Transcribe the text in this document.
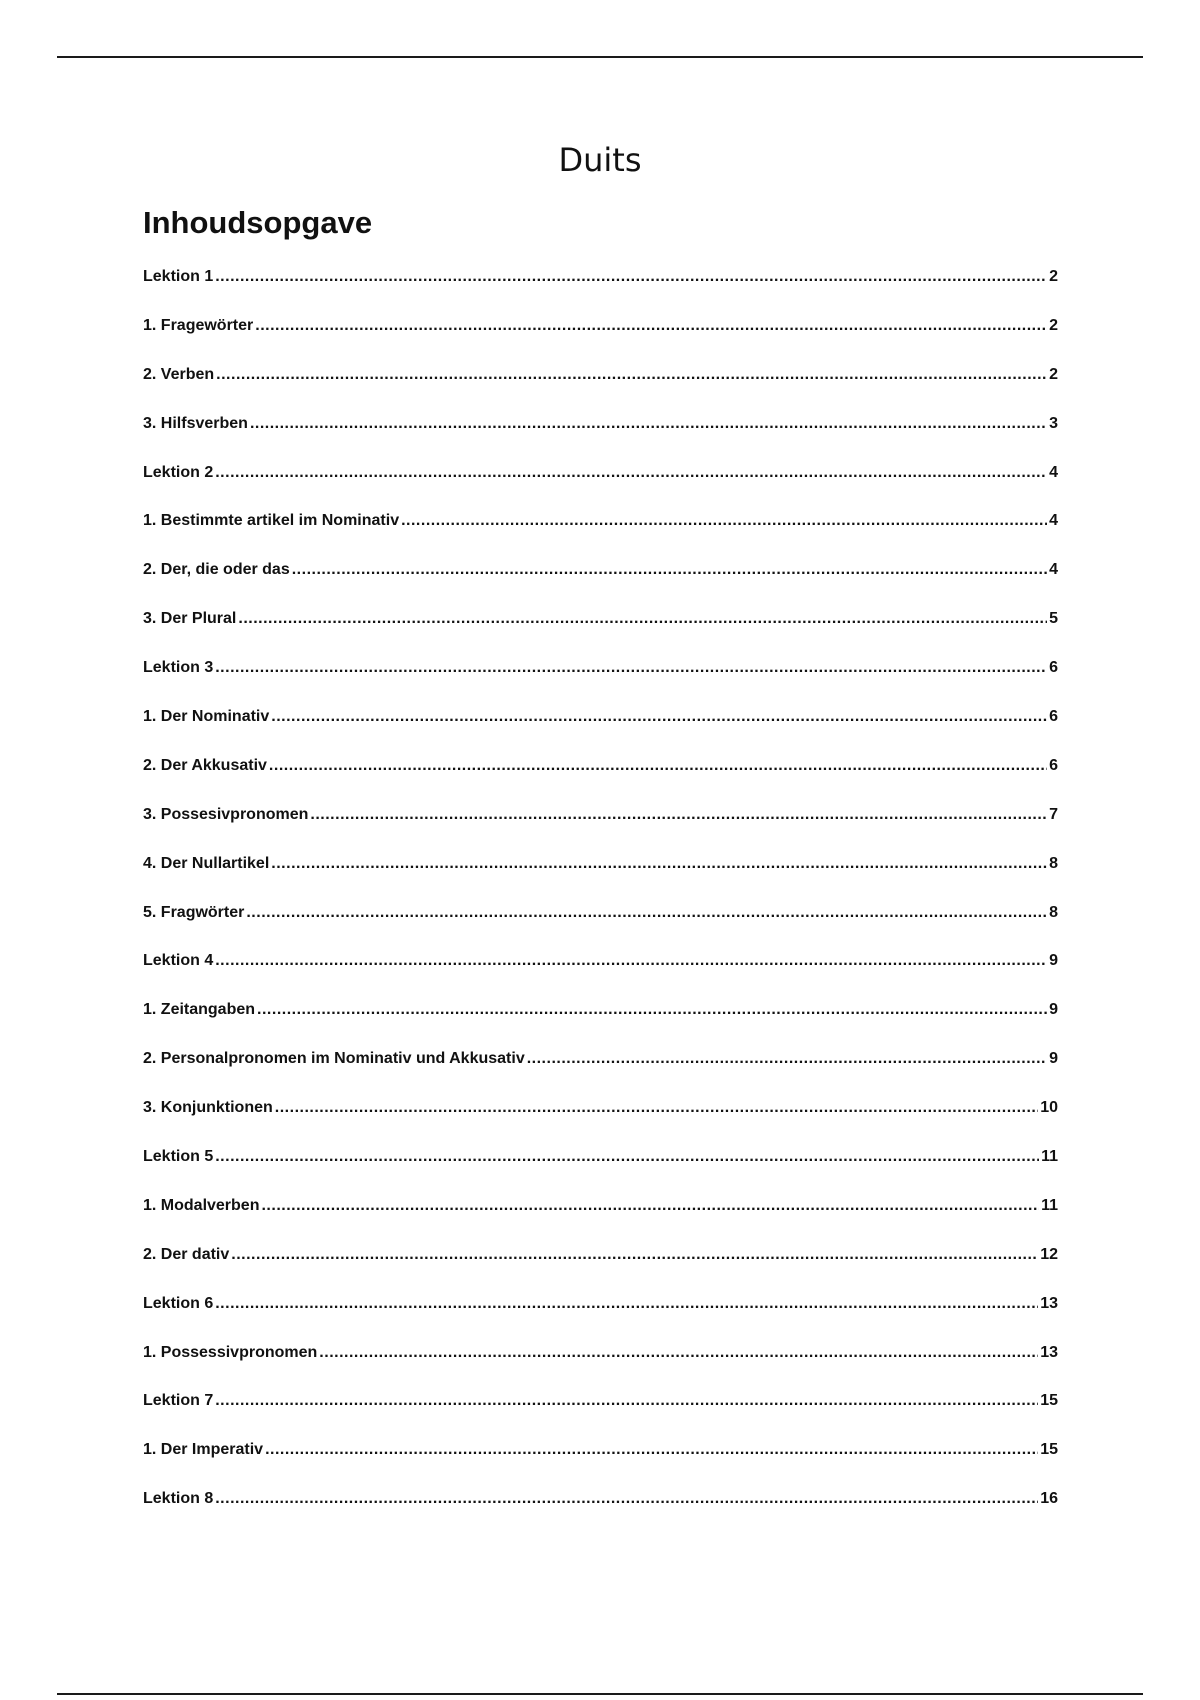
Duits
Inhoudsopgave
Lektion 1 .....	2
1. Fragewörter .....	2
2. Verben .....	2
3. Hilfsverben .....	3
Lektion 2 .....	4
1. Bestimmte artikel im Nominativ .....	4
2. Der, die oder das .....	4
3. Der Plural .....	5
Lektion 3 .....	6
1. Der Nominativ .....	6
2. Der Akkusativ .....	6
3. Possesivpronomen .....	7
4. Der Nullartikel .....	8
5. Fragwörter .....	8
Lektion 4 .....	9
1. Zeitangaben .....	9
2. Personalpronomen im Nominativ und Akkusativ .....	9
3. Konjunktionen .....	10
Lektion 5 .....	11
1. Modalverben .....	11
2. Der dativ .....	12
Lektion 6 .....	13
1. Possessivpronomen .....	13
Lektion 7 .....	15
1. Der Imperativ .....	15
Lektion 8 .....	16
